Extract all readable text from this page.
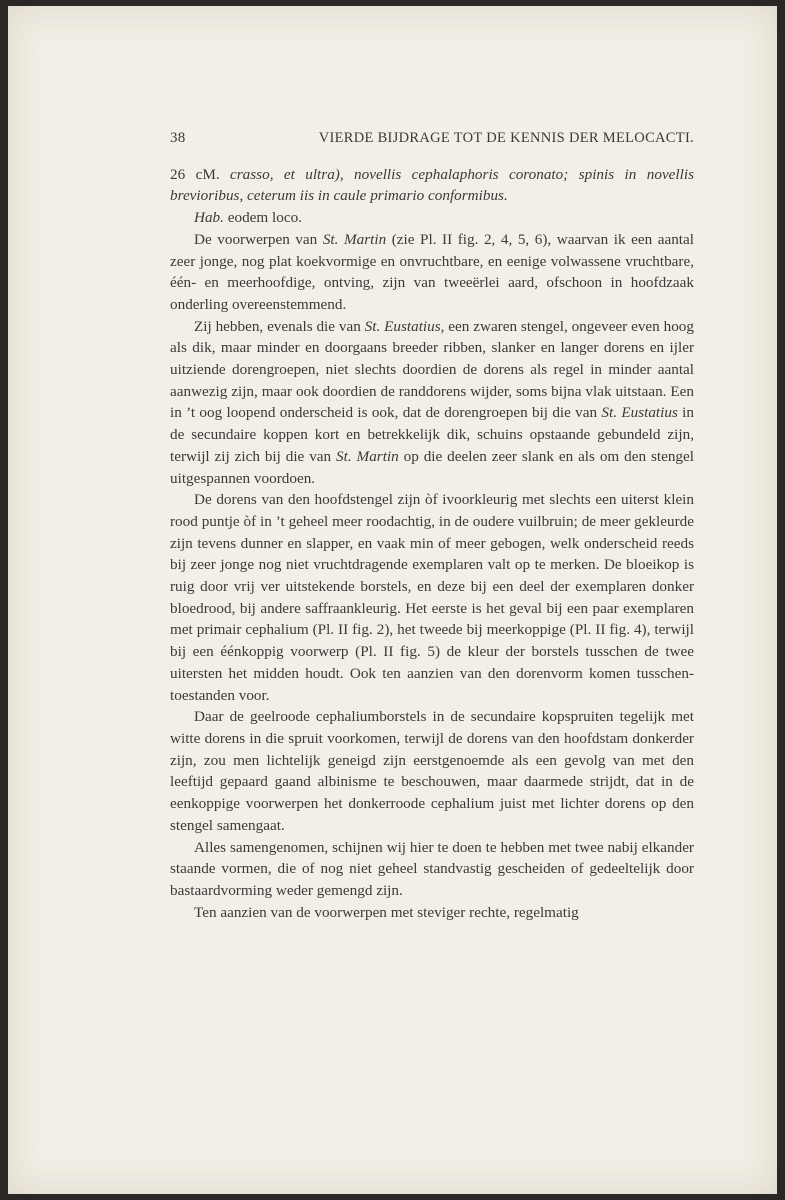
38	VIERDE BIJDRAGE TOT DE KENNIS DER MELOCACTI.

26 cM. crasso, et ultra), novellis cephalaphoris coronato; spinis in novellis brevioribus, ceterum iis in caule primario conformibus.

Hab. eodem loco.

De voorwerpen van St. Martin (zie Pl. II fig. 2, 4, 5, 6), waarvan ik een aantal zeer jonge, nog plat koekvormige en onvruchtbare, en eenige volwassene vruchtbare, één- en meerhoofdige, ontving, zijn van tweeërlei aard, ofschoon in hoofdzaak onderling overeenstemmend.

Zij hebben, evenals die van St. Eustatius, een zwaren stengel, ongeveer even hoog als dik, maar minder en doorgaans breeder ribben, slanker en langer dorens en ijler uitziende dorengroepen, niet slechts doordien de dorens als regel in minder aantal aanwezig zijn, maar ook doordien de randdorens wijder, soms bijna vlak uitstaan. Een in ’t oog loopend onderscheid is ook, dat de dorengroepen bij die van St. Eustatius in de secundaire koppen kort en betrekkelijk dik, schuins opstaande gebundeld zijn, terwijl zij zich bij die van St. Martin op die deelen zeer slank en als om den stengel uitgespannen voordoen.

De dorens van den hoofdstengel zijn òf ivoorkleurig met slechts een uiterst klein rood puntje òf in ’t geheel meer roodachtig, in de oudere vuilbruin; de meer gekleurde zijn tevens dunner en slapper, en vaak min of meer gebogen, welk onderscheid reeds bij zeer jonge nog niet vruchtdragende exemplaren valt op te merken. De bloeikop is ruig door vrij ver uitstekende borstels, en deze bij een deel der exemplaren donker bloedrood, bij andere saffraankleurig. Het eerste is het geval bij een paar exemplaren met primair cephalium (Pl. II fig. 2), het tweede bij meerkoppige (Pl. II fig. 4), terwijl bij een éénkoppig voorwerp (Pl. II fig. 5) de kleur der borstels tusschen de twee uitersten het midden houdt. Ook ten aanzien van den dorenvorm komen tusschen-toestanden voor.

Daar de geelroode cephaliumborstels in de secundaire kopspruiten tegelijk met witte dorens in die spruit voorkomen, terwijl de dorens van den hoofdstam donkerder zijn, zou men lichtelijk geneigd zijn eerstgenoemde als een gevolg van met den leeftijd gepaard gaand albinisme te beschouwen, maar daarmede strijdt, dat in de eenkoppige voorwerpen het donkerroode cephalium juist met lichter dorens op den stengel samengaat.

Alles samengenomen, schijnen wij hier te doen te hebben met twee nabij elkander staande vormen, die of nog niet geheel standvastig gescheiden of gedeeltelijk door bastaardvorming weder gemengd zijn.

Ten aanzien van de voorwerpen met steviger rechte, regelmatig
